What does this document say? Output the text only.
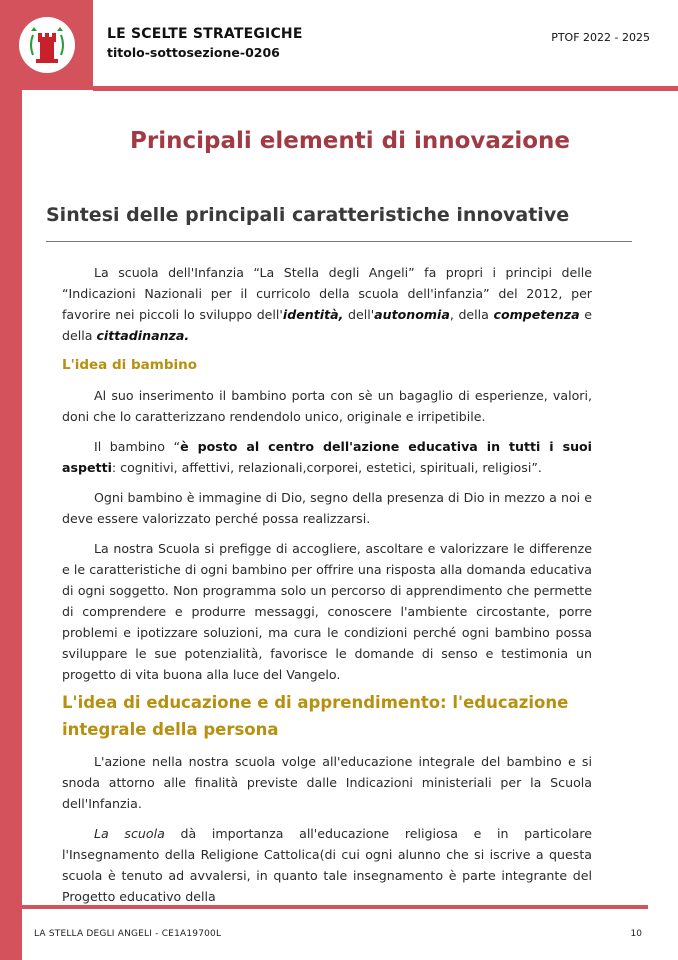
LE SCELTE STRATEGICHE
titolo-sottosezione-0206
PTOF 2022 - 2025
Principali elementi di innovazione
Sintesi delle principali caratteristiche innovative

La scuola dell'Infanzia “La Stella degli Angeli” fa propri i principi delle “Indicazioni Nazionali per il curricolo della scuola dell'infanzia” del 2012, per favorire nei piccoli lo sviluppo dell'identità, dell'autonomia, della competenza e della cittadinanza.

L'idea di bambino

Al suo inserimento il bambino porta con sè un bagaglio di esperienze, valori, doni che lo caratterizzano rendendolo unico, originale e irripetibile.

Il bambino “è posto al centro dell'azione educativa in tutti i suoi aspetti: cognitivi, affettivi, relazionali,corporei, estetici, spirituali, religiosi”.

Ogni bambino è immagine di Dio, segno della presenza di Dio in mezzo a noi e deve essere valorizzato perché possa realizzarsi.

La nostra Scuola si prefigge di accogliere, ascoltare e valorizzare le differenze e le caratteristiche di ogni bambino per offrire una risposta alla domanda educativa di ogni soggetto. Non programma solo un percorso di apprendimento che permette di comprendere e produrre messaggi, conoscere l'ambiente circostante, porre problemi e ipotizzare soluzioni, ma cura le condizioni perché ogni bambino possa sviluppare le sue potenzialità, favorisce le domande di senso e testimonia un progetto di vita buona alla luce del Vangelo.

L'idea di educazione e di apprendimento: l'educazione integrale della persona

L'azione nella nostra scuola volge all'educazione integrale del bambino e si snoda attorno alle finalità previste dalle Indicazioni ministeriali per la Scuola dell'Infanzia.

La scuola dà importanza all'educazione religiosa e in particolare l'Insegnamento della Religione Cattolica(di cui ogni alunno che si iscrive a questa scuola è tenuto ad avvalersi, in quanto tale insegnamento è parte integrante del Progetto educativo della

LA STELLA DEGLI ANGELI - CE1A19700L	10
